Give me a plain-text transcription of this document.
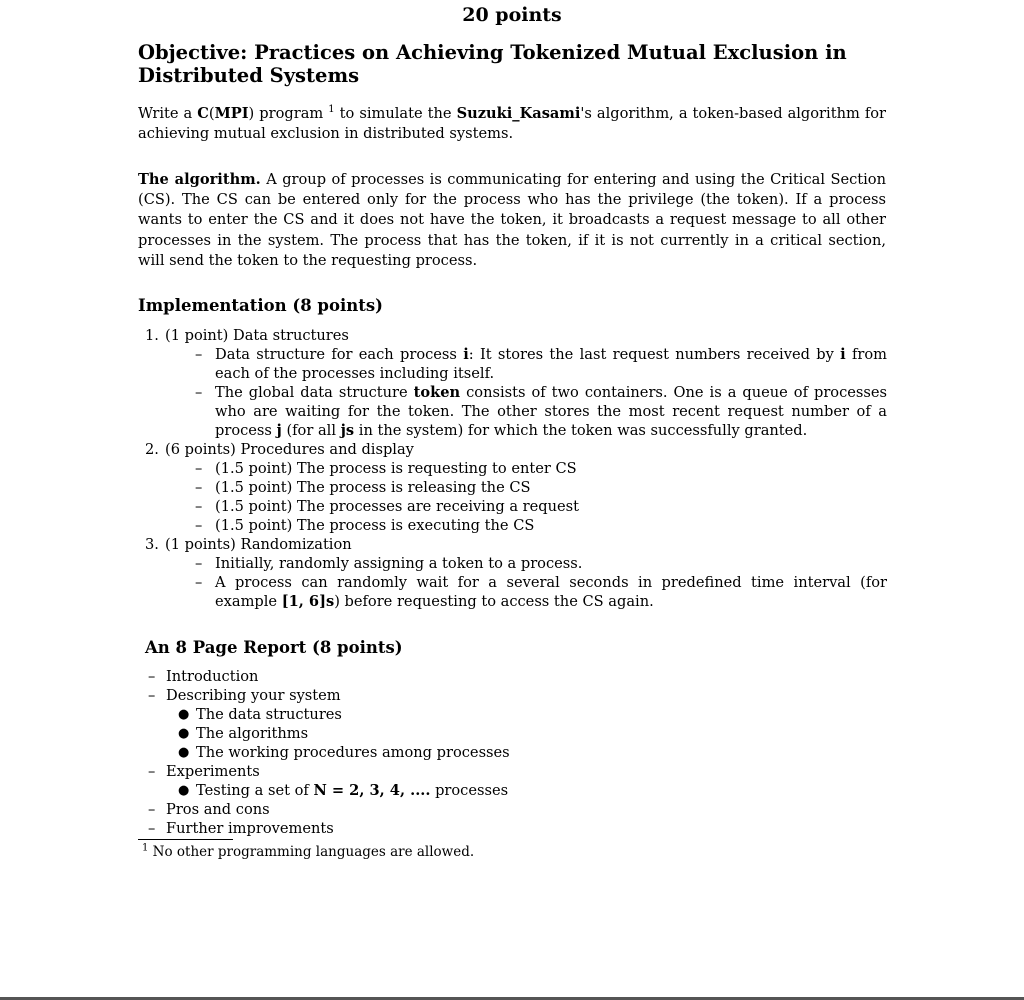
20 points
Objective: Practices on Achieving Tokenized Mutual Exclusion in Distributed Systems
Write a C(MPI) program $^1$ to simulate the Suzuki_Kasami's algorithm, a token-based algorithm for achieving mutual exclusion in distributed systems.
The algorithm. A group of processes is communicating for entering and using the Critical Section (CS). The CS can be entered only for the process who has the privilege (the token). If a process wants to enter the CS and it does not have the token, it broadcasts a request message to all other processes in the system. The process that has the token, if it is not currently in a critical section, will send the token to the requesting process.
Implementation (8 points)
1. (1 point) Data structures
– Data structure for each process i: It stores the last request numbers received by i from each of the processes including itself.
– The global data structure token consists of two containers. One is a queue of processes who are waiting for the token. The other stores the most recent request number of a process j (for all js in the system) for which the token was successfully granted.
2. (6 points) Procedures and display
– (1.5 point) The process is requesting to enter CS
– (1.5 point) The process is releasing the CS
– (1.5 point) The processes are receiving a request
– (1.5 point) The process is executing the CS
3. (1 points) Randomization
– Initially, randomly assigning a token to a process.
– A process can randomly wait for a several seconds in predefined time interval (for example [1, 6]s) before requesting to access the CS again.
An 8 Page Report (8 points)
– Introduction
– Describing your system
● The data structures
● The algorithms
● The working procedures among processes
– Experiments
● Testing a set of N = 2, 3, 4, .... processes
– Pros and cons
– Further improvements
$^1$ No other programming languages are allowed.
